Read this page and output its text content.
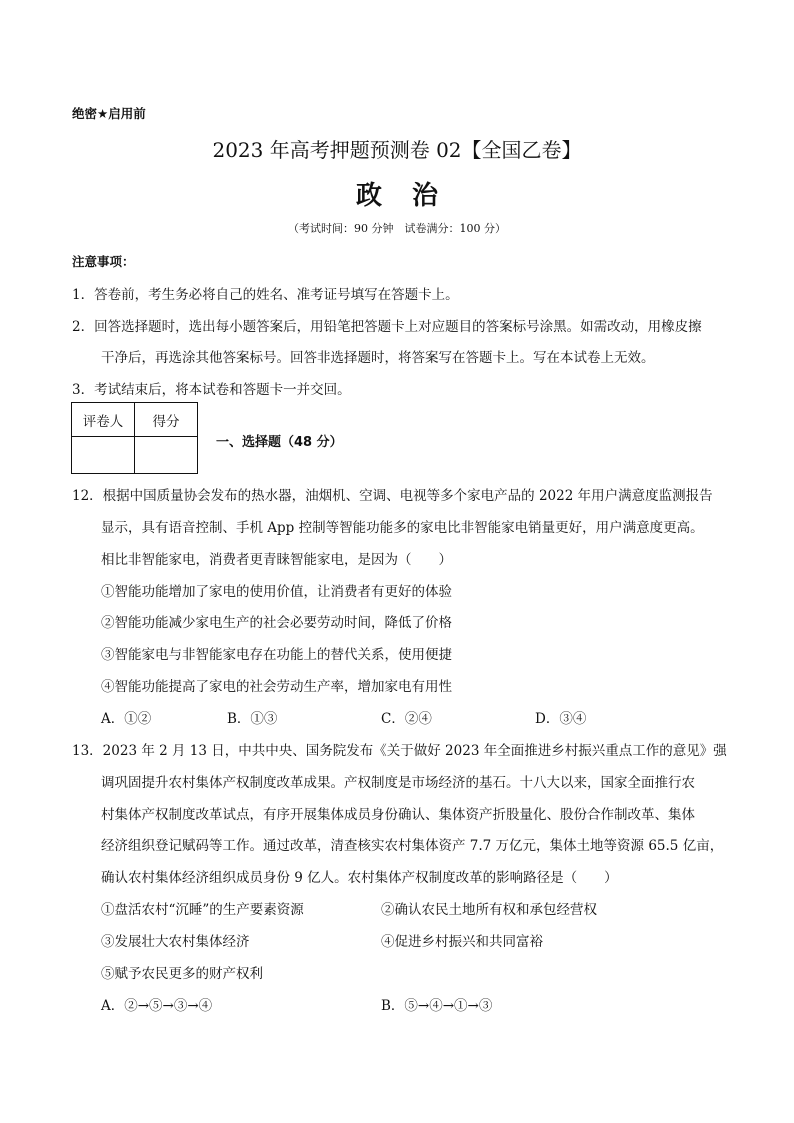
绝密★启用前
2023 年高考押题预测卷 02【全国乙卷】
政治
（考试时间：90 分钟　试卷满分：100 分）
注意事项：
1．答卷前，考生务必将自己的姓名、准考证号填写在答题卡上。
2．回答选择题时，选出每小题答案后，用铅笔把答题卡上对应题目的答案标号涂黑。如需改动，用橡皮擦
干净后，再选涂其他答案标号。回答非选择题时，将答案写在答题卡上。写在本试卷上无效。
3．考试结束后，将本试卷和答题卡一并交回。
评卷人	得分

一、选择题（48 分）
12．根据中国质量协会发布的热水器，油烟机、空调、电视等多个家电产品的 2022 年用户满意度监测报告
显示，具有语音控制、手机 App 控制等智能功能多的家电比非智能家电销量更好，用户满意度更高。
相比非智能家电，消费者更青睐智能家电，是因为（　　）
①智能功能增加了家电的使用价值，让消费者有更好的体验
②智能功能减少家电生产的社会必要劳动时间，降低了价格
③智能家电与非智能家电存在功能上的替代关系，使用便捷
④智能功能提高了家电的社会劳动生产率，增加家电有用性
A．①②	B．①③	C．②④	D．③④
13．2023 年 2 月 13 日，中共中央、国务院发布《关于做好 2023 年全面推进乡村振兴重点工作的意见》强
调巩固提升农村集体产权制度改革成果。产权制度是市场经济的基石。十八大以来，国家全面推行农
村集体产权制度改革试点，有序开展集体成员身份确认、集体资产折股量化、股份合作制改革、集体
经济组织登记赋码等工作。通过改革，清查核实农村集体资产 7.7 万亿元，集体土地等资源 65.5 亿亩，
确认农村集体经济组织成员身份 9 亿人。农村集体产权制度改革的影响路径是（　　）
①盘活农村“沉睡”的生产要素资源	②确认农民土地所有权和承包经营权
③发展壮大农村集体经济	④促进乡村振兴和共同富裕
⑤赋予农民更多的财产权利
A．②→⑤→③→④	B．⑤→④→①→③
